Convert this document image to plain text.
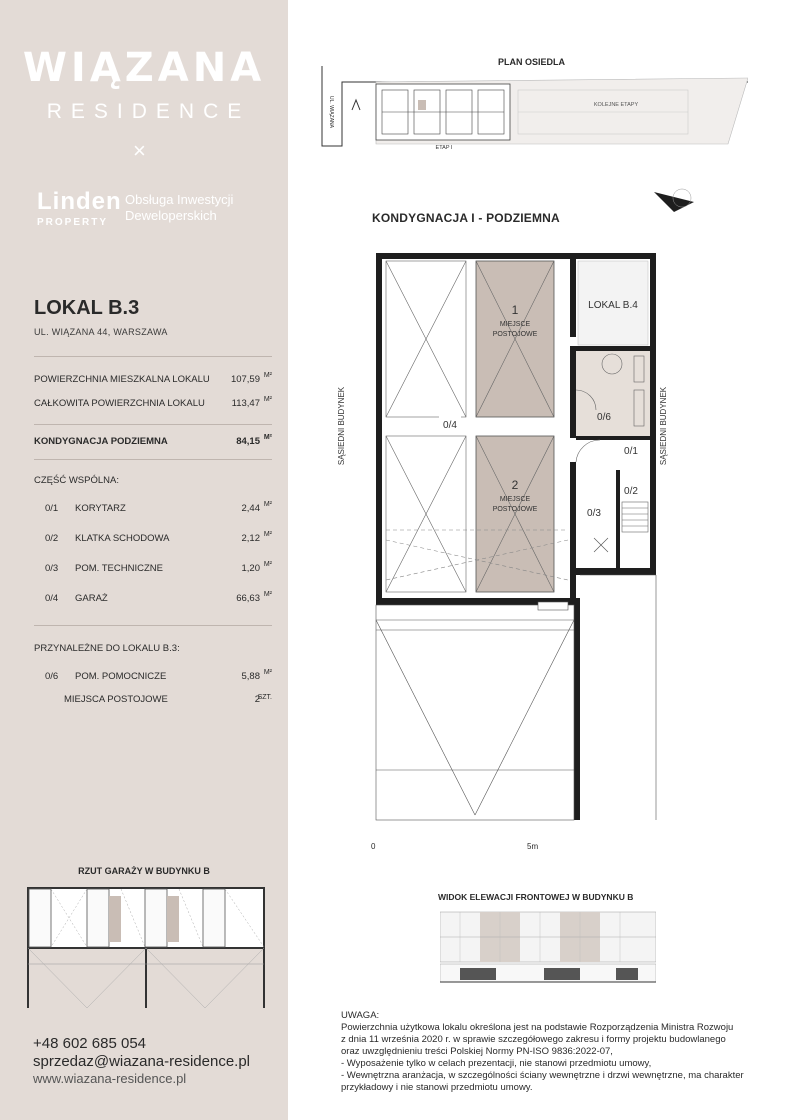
WIĄZANA
RESIDENCE
×
Linden
PROPERTY
Obsługa Inwestycji
Deweloperskich
LOKAL B.3
UL. WIĄZANA 44, WARSZAWA
POWIERZCHNIA MIESZKALNA LOKALU 107,59 M²
CAŁKOWITA POWIERZCHNIA LOKALU	113,47 M²
KONDYGNACJA PODZIEMNA	84,15 M²
CZĘŚĆ WSPÓLNA:
0/1 KORYTARZ	2,44 M²
0/2 KLATKA SCHODOWA	2,12 M²
0/3 POM. TECHNICZNE	1,20 M²
0/4 GARAŻ	66,63 M²
PRZYNALEŻNE DO LOKALU B.3:
0/6 POM. POMOCNICZE	5,88 M²
MIEJSCA POSTOJOWE	2
SZT.
RZUT GARAŻY W BUDYNKU B
+48 602 685 054
sprzedaz@wiazana-residence.pl
www.wiazana-residence.pl
PLAN OSIEDLA
UL. WIĄZANA
ETAP I
KOLEJNE ETAPY
KONDYGNACJA I - PODZIEMNA
SĄSIEDNI BUDYNEK	SĄSIEDNI BUDYNEK
1
MIEJSCE
POSTOJOWE
2
MIEJSCE
POSTOJOWE
0/4
LOKAL B.4
0/6
0/1
0/2
0/3
0	5m
WIDOK ELEWACJI FRONTOWEJ W BUDYNKU B
UWAGA:
Powierzchnia użytkowa lokalu określona jest na podstawie Rozporządzenia Ministra Rozwoju
z dnia 11 września 2020 r. w sprawie szczegółowego zakresu i formy projektu budowlanego
oraz uwzględnieniu treści Polskiej Normy PN-ISO 9836:2022-07,
- Wyposażenie tylko w celach prezentacji, nie stanowi przedmiotu umowy,
- Wewnętrzna aranżacja, w szczególności ściany wewnętrzne i drzwi wewnętrzne, ma charakter
przykładowy i nie stanowi przedmiotu umowy.
